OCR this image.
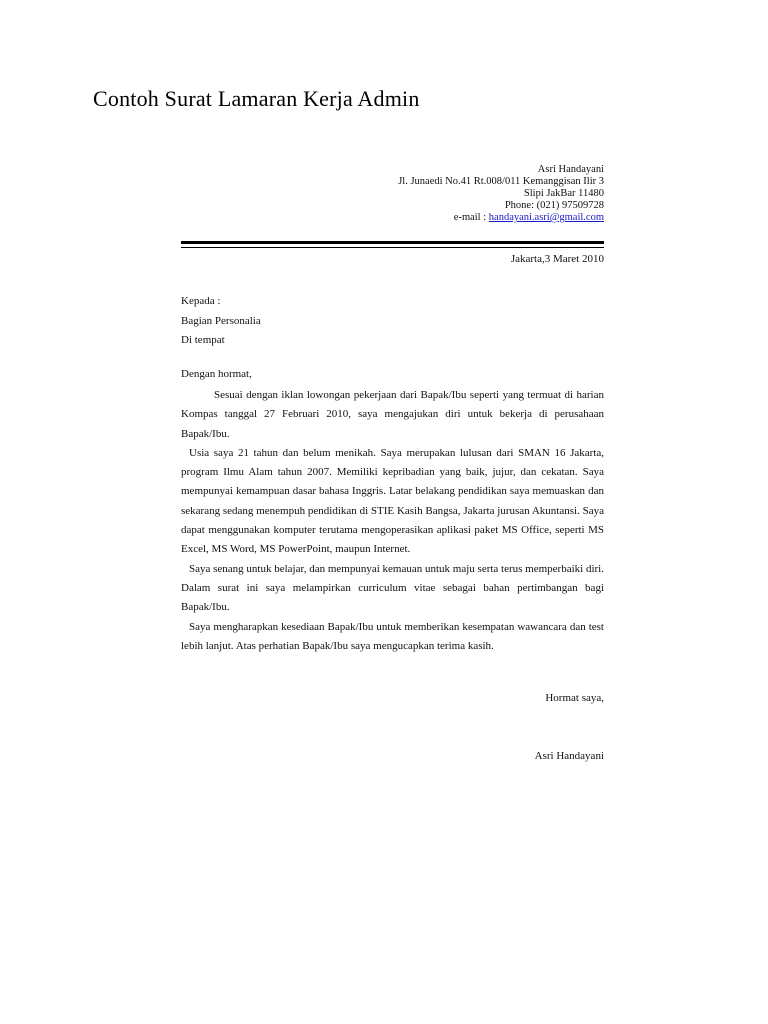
Contoh Surat Lamaran Kerja Admin
Asri Handayani
Jl. Junaedi No.41 Rt.008/011 Kemanggisan Ilir 3
Slipi JakBar 11480
Phone: (021) 97509728
e-mail : handayani.asri@gmail.com
Jakarta,3 Maret 2010
Kepada :
Bagian Personalia
Di tempat
Dengan hormat,

Sesuai dengan iklan lowongan pekerjaan dari Bapak/Ibu seperti yang termuat di harian Kompas tanggal 27 Februari 2010, saya mengajukan diri untuk bekerja di perusahaan Bapak/Ibu.

Usia saya 21 tahun dan belum menikah. Saya merupakan lulusan dari SMAN 16 Jakarta, program Ilmu Alam tahun 2007. Memiliki kepribadian yang baik, jujur, dan cekatan. Saya mempunyai kemampuan dasar bahasa Inggris. Latar belakang pendidikan saya memuaskan dan sekarang sedang menempuh pendidikan di STIE Kasih Bangsa, Jakarta jurusan Akuntansi. Saya dapat menggunakan komputer terutama mengoperasikan aplikasi paket MS Office, seperti MS Excel, MS Word, MS PowerPoint, maupun Internet.

Saya senang untuk belajar, dan mempunyai kemauan untuk maju serta terus memperbaiki diri. Dalam surat ini saya melampirkan curriculum vitae sebagai bahan pertimbangan bagi Bapak/Ibu.

Saya mengharapkan kesediaan Bapak/Ibu untuk memberikan kesempatan wawancara dan test lebih lanjut. Atas perhatian Bapak/Ibu saya mengucapkan terima kasih.

Hormat saya,
Asri Handayani
